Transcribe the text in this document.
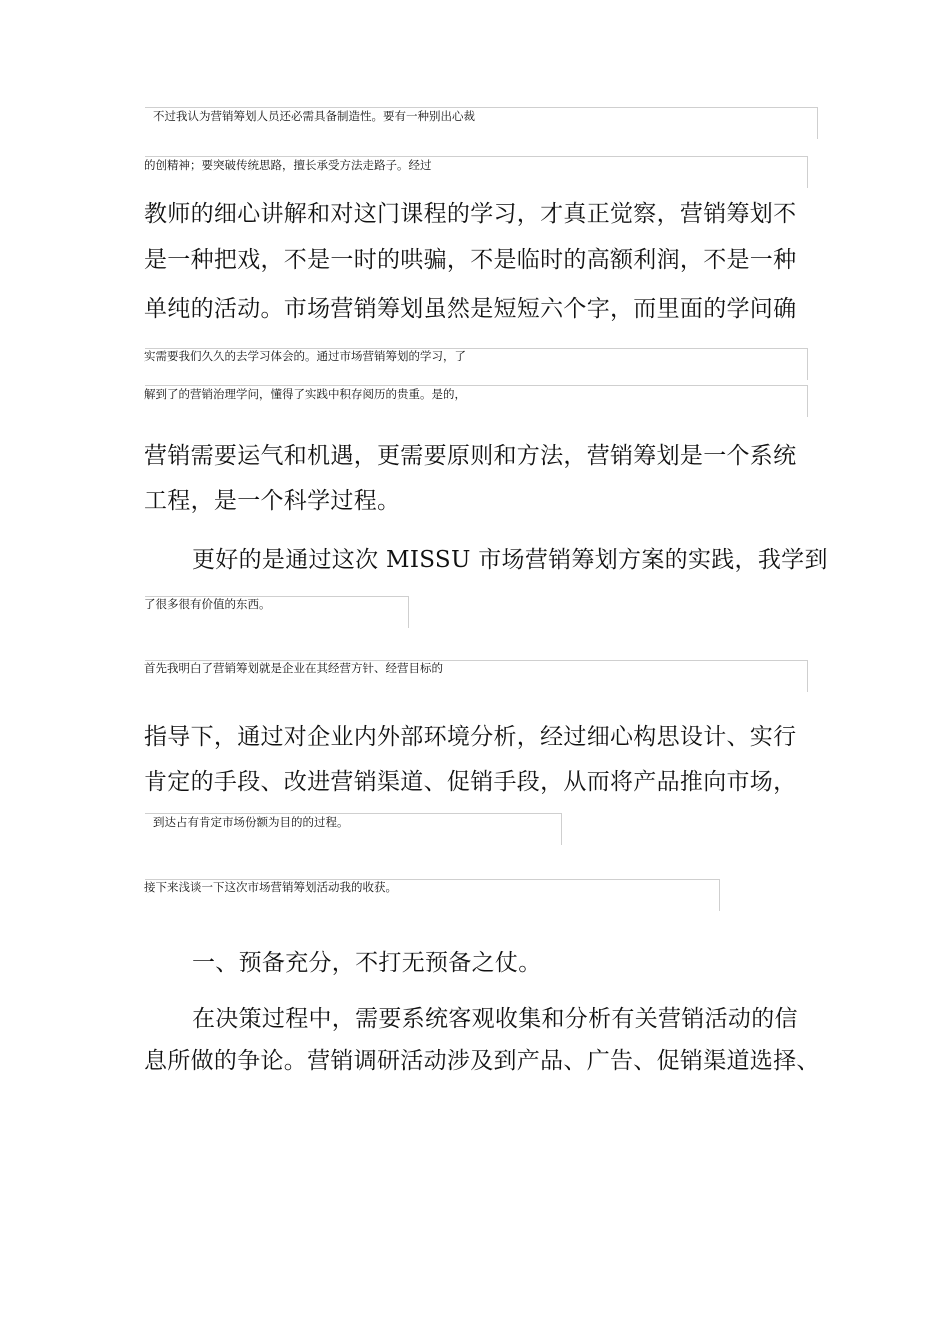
不过我认为营销筹划人员还必需具备制造性。要有一种别出心裁
的创精神；要突破传统思路，擅长承受方法走路子。经过
教师的细心讲解和对这门课程的学习，才真正觉察，营销筹划不
是一种把戏，不是一时的哄骗，不是临时的高额利润，不是一种
单纯的活动。市场营销筹划虽然是短短六个字，而里面的学问确
实需要我们久久的去学习体会的。通过市场营销筹划的学习，了
解到了的营销治理学问，懂得了实践中积存阅历的贵重。是的，
营销需要运气和机遇，更需要原则和方法，营销筹划是一个系统
工程，是一个科学过程。
更好的是通过这次 MISSU 市场营销筹划方案的实践，我学到
了很多很有价值的东西。
首先我明白了营销筹划就是企业在其经营方针、经营目标的
指导下，通过对企业内外部环境分析，经过细心构思设计、实行
肯定的手段、改进营销渠道、促销手段，从而将产品推向市场，
到达占有肯定市场份额为目的的过程。
接下来浅谈一下这次市场营销筹划活动我的收获。
一、预备充分，不打无预备之仗。
在决策过程中，需要系统客观收集和分析有关营销活动的信
息所做的争论。营销调研活动涉及到产品、广告、促销渠道选择、
